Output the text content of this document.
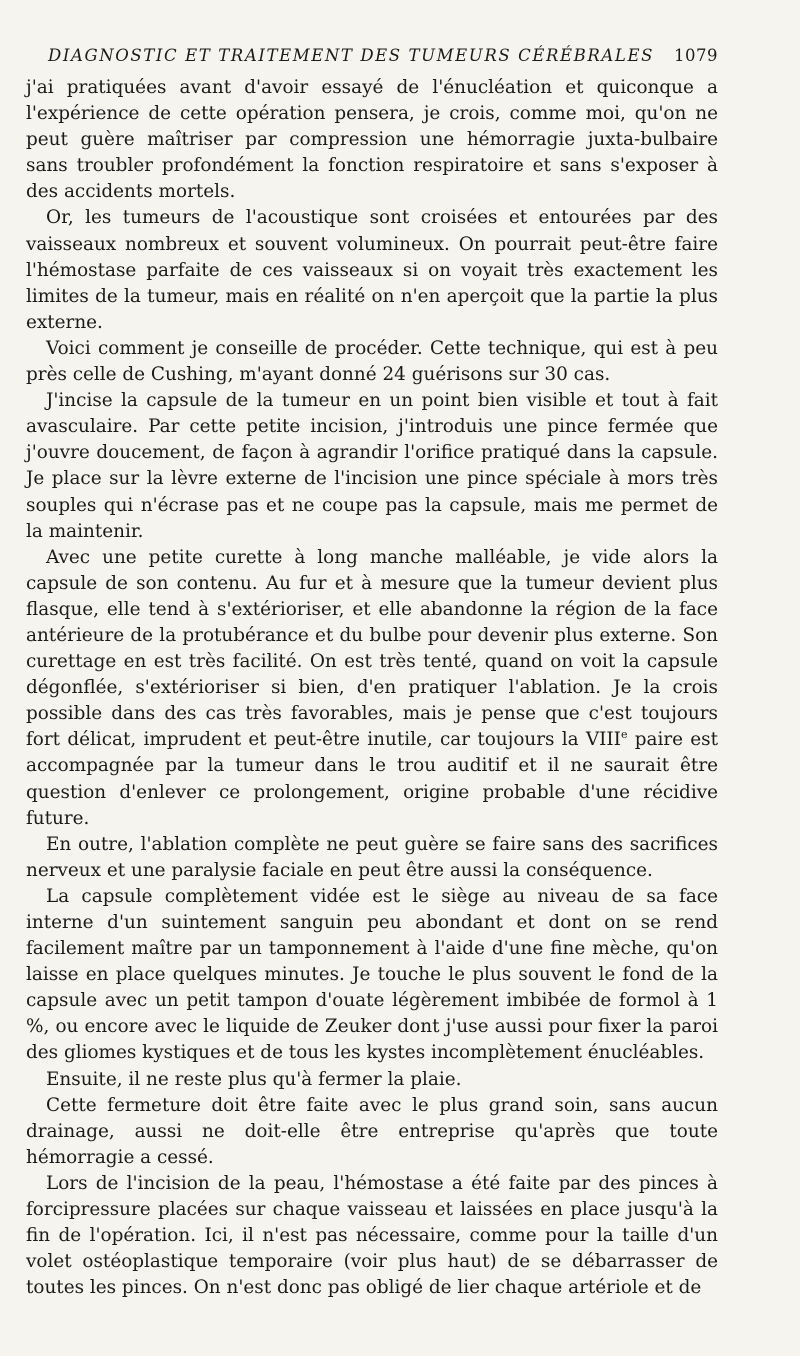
DIAGNOSTIC ET TRAITEMENT DES TUMEURS CÉRÉBRALES 1079

j'ai pratiquées avant d'avoir essayé de l'énucléation et quiconque a l'expérience de cette opération pensera, je crois, comme moi, qu'on ne peut guère maîtriser par compression une hémorragie juxta-bulbaire sans troubler profondément la fonction respiratoire et sans s'exposer à des accidents mortels.

Or, les tumeurs de l'acoustique sont croisées et entourées par des vaisseaux nombreux et souvent volumineux. On pourrait peut-être faire l'hémostase parfaite de ces vaisseaux si on voyait très exactement les limites de la tumeur, mais en réalité on n'en aperçoit que la partie la plus externe.

Voici comment je conseille de procéder. Cette technique, qui est à peu près celle de Cushing, m'ayant donné 24 guérisons sur 30 cas.

J'incise la capsule de la tumeur en un point bien visible et tout à fait avasculaire. Par cette petite incision, j'introduis une pince fermée que j'ouvre doucement, de façon à agrandir l'orifice pratiqué dans la capsule. Je place sur la lèvre externe de l'incision une pince spéciale à mors très souples qui n'écrase pas et ne coupe pas la capsule, mais me permet de la maintenir.

Avec une petite curette à long manche malléable, je vide alors la capsule de son contenu. Au fur et à mesure que la tumeur devient plus flasque, elle tend à s'extérioriser, et elle abandonne la région de la face antérieure de la protubérance et du bulbe pour devenir plus externe. Son curettage en est très facilité. On est très tenté, quand on voit la capsule dégonflée, s'extérioriser si bien, d'en pratiquer l'ablation. Je la crois possible dans des cas très favorables, mais je pense que c'est toujours fort délicat, imprudent et peut-être inutile, car toujours la VIIIe paire est accompagnée par la tumeur dans le trou auditif et il ne saurait être question d'enlever ce prolongement, origine probable d'une récidive future.

En outre, l'ablation complète ne peut guère se faire sans des sacrifices nerveux et une paralysie faciale en peut être aussi la conséquence.

La capsule complètement vidée est le siège au niveau de sa face interne d'un suintement sanguin peu abondant et dont on se rend facilement maître par un tamponnement à l'aide d'une fine mèche, qu'on laisse en place quelques minutes. Je touche le plus souvent le fond de la capsule avec un petit tampon d'ouate légèrement imbibée de formol à 1 %, ou encore avec le liquide de Zeuker dont j'use aussi pour fixer la paroi des gliomes kystiques et de tous les kystes incomplètement énucléables.

Ensuite, il ne reste plus qu'à fermer la plaie.

Cette fermeture doit être faite avec le plus grand soin, sans aucun drainage, aussi ne doit-elle être entreprise qu'après que toute hémorragie a cessé.

Lors de l'incision de la peau, l'hémostase a été faite par des pinces à forcipressure placées sur chaque vaisseau et laissées en place jusqu'à la fin de l'opération. Ici, il n'est pas nécessaire, comme pour la taille d'un volet ostéoplastique temporaire (voir plus haut) de se débarrasser de toutes les pinces. On n'est donc pas obligé de lier chaque artériole et de
